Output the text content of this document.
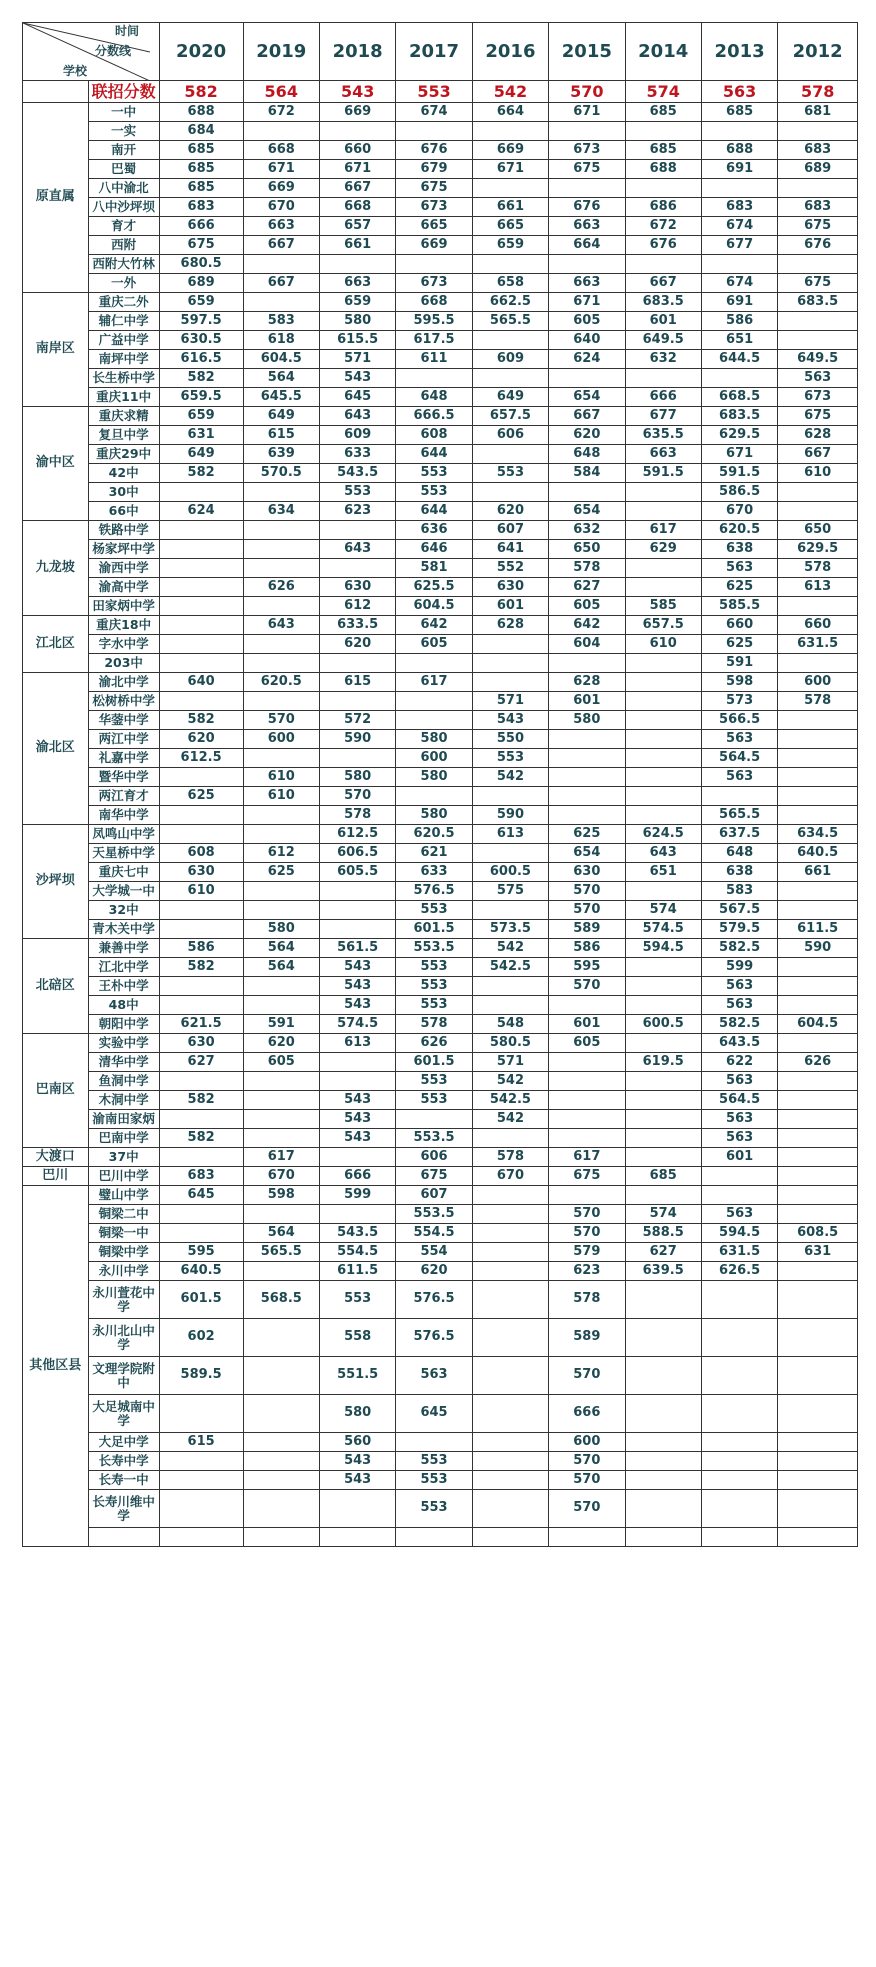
时间
分数线
学校		2020	2019	2018	2017	2016	2015	2014	2013	2012
	联招分数	582	564	543	553	542	570	574	563	578
原直属	一中	688	672	669	674	664	671	685	685	681
	一实	684								
	南开	685	668	660	676	669	673	685	688	683
	巴蜀	685	671	671	679	671	675	688	691	689
	八中渝北	685	669	667	675					
	八中沙坪坝	683	670	668	673	661	676	686	683	683
	育才	666	663	657	665	665	663	672	674	675
	西附	675	667	661	669	659	664	676	677	676
	西附大竹林	680.5								
	一外	689	667	663	673	658	663	667	674	675
南岸区	重庆二外	659		659	668	662.5	671	683.5	691	683.5
	辅仁中学	597.5	583	580	595.5	565.5	605	601	586	
	广益中学	630.5	618	615.5	617.5		640	649.5	651	
	南坪中学	616.5	604.5	571	611	609	624	632	644.5	649.5
	长生桥中学	582	564	543						563
	重庆11中	659.5	645.5	645	648	649	654	666	668.5	673
渝中区	重庆求精	659	649	643	666.5	657.5	667	677	683.5	675
	复旦中学	631	615	609	608	606	620	635.5	629.5	628
	重庆29中	649	639	633	644		648	663	671	667
	42中	582	570.5	543.5	553	553	584	591.5	591.5	610
	30中			553	553				586.5	
	66中	624	634	623	644	620	654		670	
九龙坡	铁路中学				636	607	632	617	620.5	650
	杨家坪中学			643	646	641	650	629	638	629.5
	渝西中学				581	552	578		563	578
	渝高中学		626	630	625.5	630	627		625	613
	田家炳中学			612	604.5	601	605	585	585.5	
江北区	重庆18中		643	633.5	642	628	642	657.5	660	660
	字水中学			620	605		604	610	625	631.5
	203中								591	
渝北区	渝北中学	640	620.5	615	617		628		598	600
	松树桥中学					571	601		573	578
	华蓥中学	582	570	572		543	580		566.5	
	两江中学	620	600	590	580	550			563	
	礼嘉中学	612.5			600	553			564.5	
	暨华中学		610	580	580	542			563	
	两江育才	625	610	570						
	南华中学			578	580	590			565.5	
沙坪坝	凤鸣山中学			612.5	620.5	613	625	624.5	637.5	634.5
	天星桥中学	608	612	606.5	621		654	643	648	640.5
	重庆七中	630	625	605.5	633	600.5	630	651	638	661
	大学城一中	610			576.5	575	570		583	
	32中				553		570	574	567.5	
	青木关中学		580		601.5	573.5	589	574.5	579.5	611.5
北碚区	兼善中学	586	564	561.5	553.5	542	586	594.5	582.5	590
	江北中学	582	564	543	553	542.5	595		599	
	王朴中学			543	553		570		563	
	48中			543	553				563	
	朝阳中学	621.5	591	574.5	578	548	601	600.5	582.5	604.5
巴南区	实验中学	630	620	613	626	580.5	605		643.5	
	清华中学	627	605		601.5	571		619.5	622	626
	鱼洞中学				553	542			563	
	木洞中学	582		543	553	542.5			564.5	
	渝南田家炳			543		542			563	
	巴南中学	582		543	553.5				563	
大渡口	37中		617		606	578	617		601	
巴川	巴川中学	683	670	666	675	670	675	685		
其他区县	璧山中学	645	598	599	607					
	铜梁二中				553.5		570	574	563	
	铜梁一中		564	543.5	554.5		570	588.5	594.5	608.5
	铜梁中学	595	565.5	554.5	554		579	627	631.5	631
	永川中学	640.5		611.5	620		623	639.5	626.5	
	永川萱花中学	601.5	568.5	553	576.5		578			
	永川北山中学	602		558	576.5		589			
	文理学院附中	589.5		551.5	563		570			
	大足城南中学			580	645		666			
	大足中学	615		560			600			
	长寿中学			543	553		570			
	长寿一中			543	553		570			
	长寿川维中学				553		570			
